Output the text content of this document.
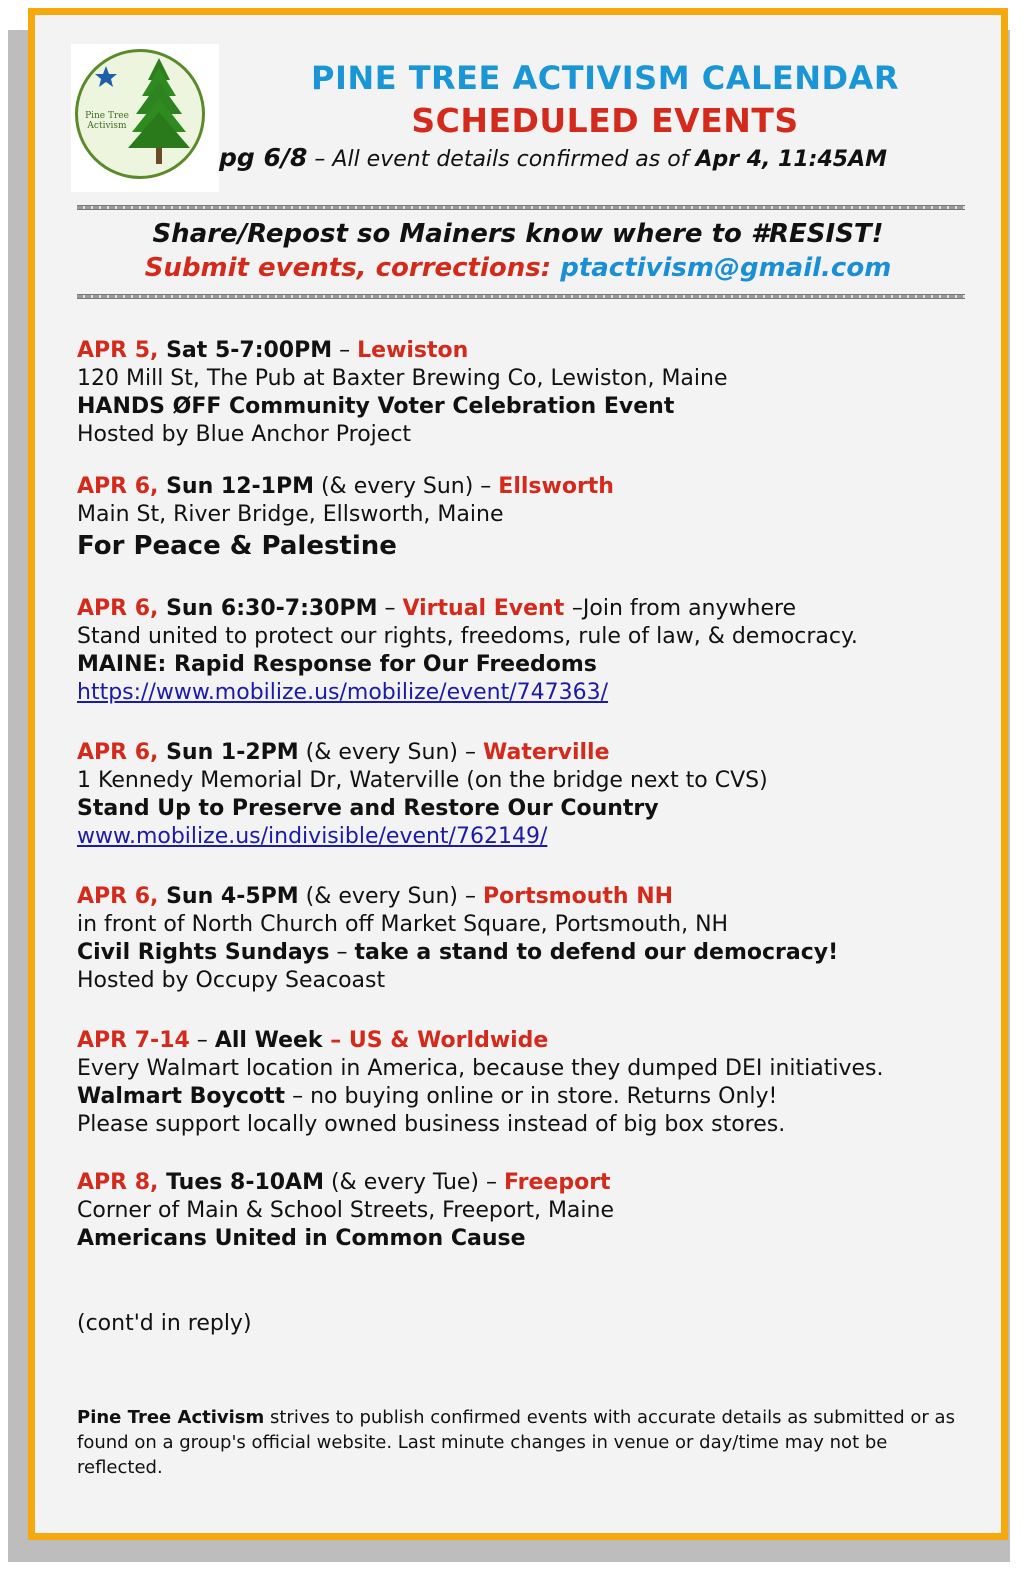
Pine Tree Activism
PINE TREE ACTIVISM CALENDAR
SCHEDULED EVENTS
pg 6/8 – All event details confirmed as of Apr 4, 11:45AM
Share/Repost so Mainers know where to #RESIST!
Submit events, corrections: ptactivism@gmail.com
APR 5, Sat 5-7:00PM – Lewiston
120 Mill St, The Pub at Baxter Brewing Co, Lewiston, Maine
HANDS ØFF Community Voter Celebration Event
Hosted by Blue Anchor Project
APR 6, Sun 12-1PM (& every Sun) – Ellsworth
Main St, River Bridge, Ellsworth, Maine
For Peace & Palestine
APR 6, Sun 6:30-7:30PM – Virtual Event –Join from anywhere
Stand united to protect our rights, freedoms, rule of law, & democracy.
MAINE: Rapid Response for Our Freedoms
https://www.mobilize.us/mobilize/event/747363/
APR 6, Sun 1-2PM (& every Sun) – Waterville
1 Kennedy Memorial Dr, Waterville (on the bridge next to CVS)
Stand Up to Preserve and Restore Our Country
www.mobilize.us/indivisible/event/762149/
APR 6, Sun 4-5PM (& every Sun) – Portsmouth NH
in front of North Church off Market Square, Portsmouth, NH
Civil Rights Sundays – take a stand to defend our democracy!
Hosted by Occupy Seacoast
APR 7-14 – All Week – US & Worldwide
Every Walmart location in America, because they dumped DEI initiatives.
Walmart Boycott – no buying online or in store. Returns Only!
Please support locally owned business instead of big box stores.
APR 8, Tues 8-10AM (& every Tue) – Freeport
Corner of Main & School Streets, Freeport, Maine
Americans United in Common Cause
(cont'd in reply)
Pine Tree Activism strives to publish confirmed events with accurate details as submitted or as found on a group's official website. Last minute changes in venue or day/time may not be reflected.
